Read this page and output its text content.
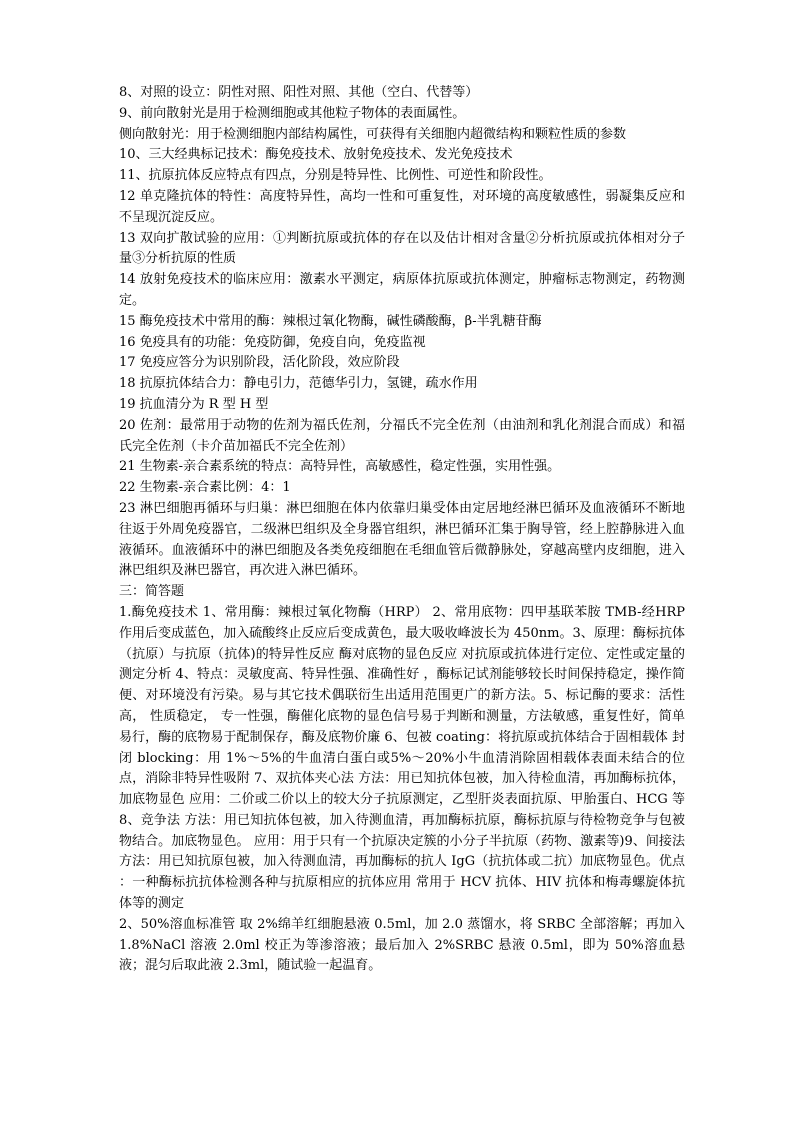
8、对照的设立：阴性对照、阳性对照、其他（空白、代替等）

9、前向散射光是用于检测细胞或其他粒子物体的表面属性。

侧向散射光：用于检测细胞内部结构属性，可获得有关细胞内超微结构和颗粒性质的参数

10、三大经典标记技术：酶免疫技术、放射免疫技术、发光免疫技术

11、抗原抗体反应特点有四点，分别是特异性、比例性、可逆性和阶段性。

12 单克隆抗体的特性：高度特异性，高均一性和可重复性，对环境的高度敏感性，弱凝集反应和不呈现沉淀反应。

13 双向扩散试验的应用：①判断抗原或抗体的存在以及估计相对含量②分析抗原或抗体相对分子量③分析抗原的性质

14 放射免疫技术的临床应用：激素水平测定，病原体抗原或抗体测定，肿瘤标志物测定，药物测定。

15 酶免疫技术中常用的酶：辣根过氧化物酶，碱性磷酸酶，β-半乳糖苷酶

16 免疫具有的功能：免疫防御，免疫自向，免疫监视

17 免疫应答分为识别阶段，活化阶段，效应阶段

18 抗原抗体结合力：静电引力，范德华引力，氢键，疏水作用

19 抗血清分为 R 型 H 型

20 佐剂：最常用于动物的佐剂为福氏佐剂，分福氏不完全佐剂（由油剂和乳化剂混合而成）和福氏完全佐剂（卡介苗加福氏不完全佐剂）

21 生物素-亲合素系统的特点：高特异性，高敏感性，稳定性强，实用性强。

22 生物素-亲合素比例：4：1

23 淋巴细胞再循环与归巢：淋巴细胞在体内依靠归巢受体由定居地经淋巴循环及血液循环不断地往返于外周免疫器官，二级淋巴组织及全身器官组织，淋巴循环汇集于胸导管，经上腔静脉进入血液循环。血液循环中的淋巴细胞及各类免疫细胞在毛细血管后微静脉处，穿越高壁内皮细胞，进入淋巴组织及淋巴器官，再次进入淋巴循环。

三：简答题

1.酶免疫技术 1、常用酶：辣根过氧化物酶（HRP） 2、常用底物：四甲基联苯胺 TMB-经HRP 作用后变成蓝色，加入硫酸终止反应后变成黄色，最大吸收峰波长为 450nm。3、原理：酶标抗体（抗原）与抗原（抗体)的特异性反应 酶对底物的显色反应 对抗原或抗体进行定位、定性或定量的测定分析 4、特点：灵敏度高、特异性强、准确性好 ，酶标记试剂能够较长时间保持稳定，操作简便、对环境没有污染。易与其它技术偶联衍生出适用范围更广的新方法。5、标记酶的要求：活性高， 性质稳定， 专一性强，酶催化底物的显色信号易于判断和测量，方法敏感，重复性好，简单易行，酶的底物易于配制保存，酶及底物价廉 6、包被 coating：将抗原或抗体结合于固相载体 封闭 blocking：用 1%～5%的牛血清白蛋白或5%～20%小牛血清消除固相载体表面未结合的位点，消除非特异性吸附 7、双抗体夹心法 方法：用已知抗体包被，加入待检血清，再加酶标抗体，加底物显色 应用：二价或二价以上的较大分子抗原测定，乙型肝炎表面抗原、甲胎蛋白、HCG 等 8、竞争法 方法：用已知抗体包被，加入待测血清，再加酶标抗原，酶标抗原与待检物竞争与包被物结合。加底物显色。 应用：用于只有一个抗原决定簇的小分子半抗原（药物、激素等)9、间接法 方法：用已知抗原包被，加入待测血清，再加酶标的抗人 IgG（抗抗体或二抗）加底物显色。优点 ：一种酶标抗抗体检测各种与抗原相应的抗体应用 常用于 HCV 抗体、HIV 抗体和梅毒螺旋体抗体等的测定

2、50%溶血标准管 取 2%绵羊红细胞悬液 0.5ml，加 2.0 蒸馏水，将 SRBC 全部溶解；再加入 1.8%NaCl 溶液 2.0ml 校正为等渗溶液；最后加入 2%SRBC 悬液 0.5ml，即为 50%溶血悬液；混匀后取此液 2.3ml，随试验一起温育。
